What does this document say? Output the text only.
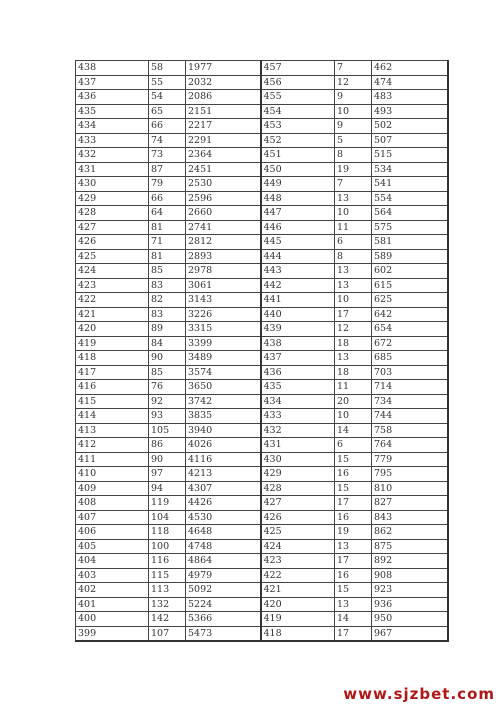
438	58	1977	457	7	462
437	55	2032	456	12	474
436	54	2086	455	9	483
435	65	2151	454	10	493
434	66	2217	453	9	502
433	74	2291	452	5	507
432	73	2364	451	8	515
431	87	2451	450	19	534
430	79	2530	449	7	541
429	66	2596	448	13	554
428	64	2660	447	10	564
427	81	2741	446	11	575
426	71	2812	445	6	581
425	81	2893	444	8	589
424	85	2978	443	13	602
423	83	3061	442	13	615
422	82	3143	441	10	625
421	83	3226	440	17	642
420	89	3315	439	12	654
419	84	3399	438	18	672
418	90	3489	437	13	685
417	85	3574	436	18	703
416	76	3650	435	11	714
415	92	3742	434	20	734
414	93	3835	433	10	744
413	105	3940	432	14	758
412	86	4026	431	6	764
411	90	4116	430	15	779
410	97	4213	429	16	795
409	94	4307	428	15	810
408	119	4426	427	17	827
407	104	4530	426	16	843
406	118	4648	425	19	862
405	100	4748	424	13	875
404	116	4864	423	17	892
403	115	4979	422	16	908
402	113	5092	421	15	923
401	132	5224	420	13	936
400	142	5366	419	14	950
399	107	5473	418	17	967
www.sjzbet.com
